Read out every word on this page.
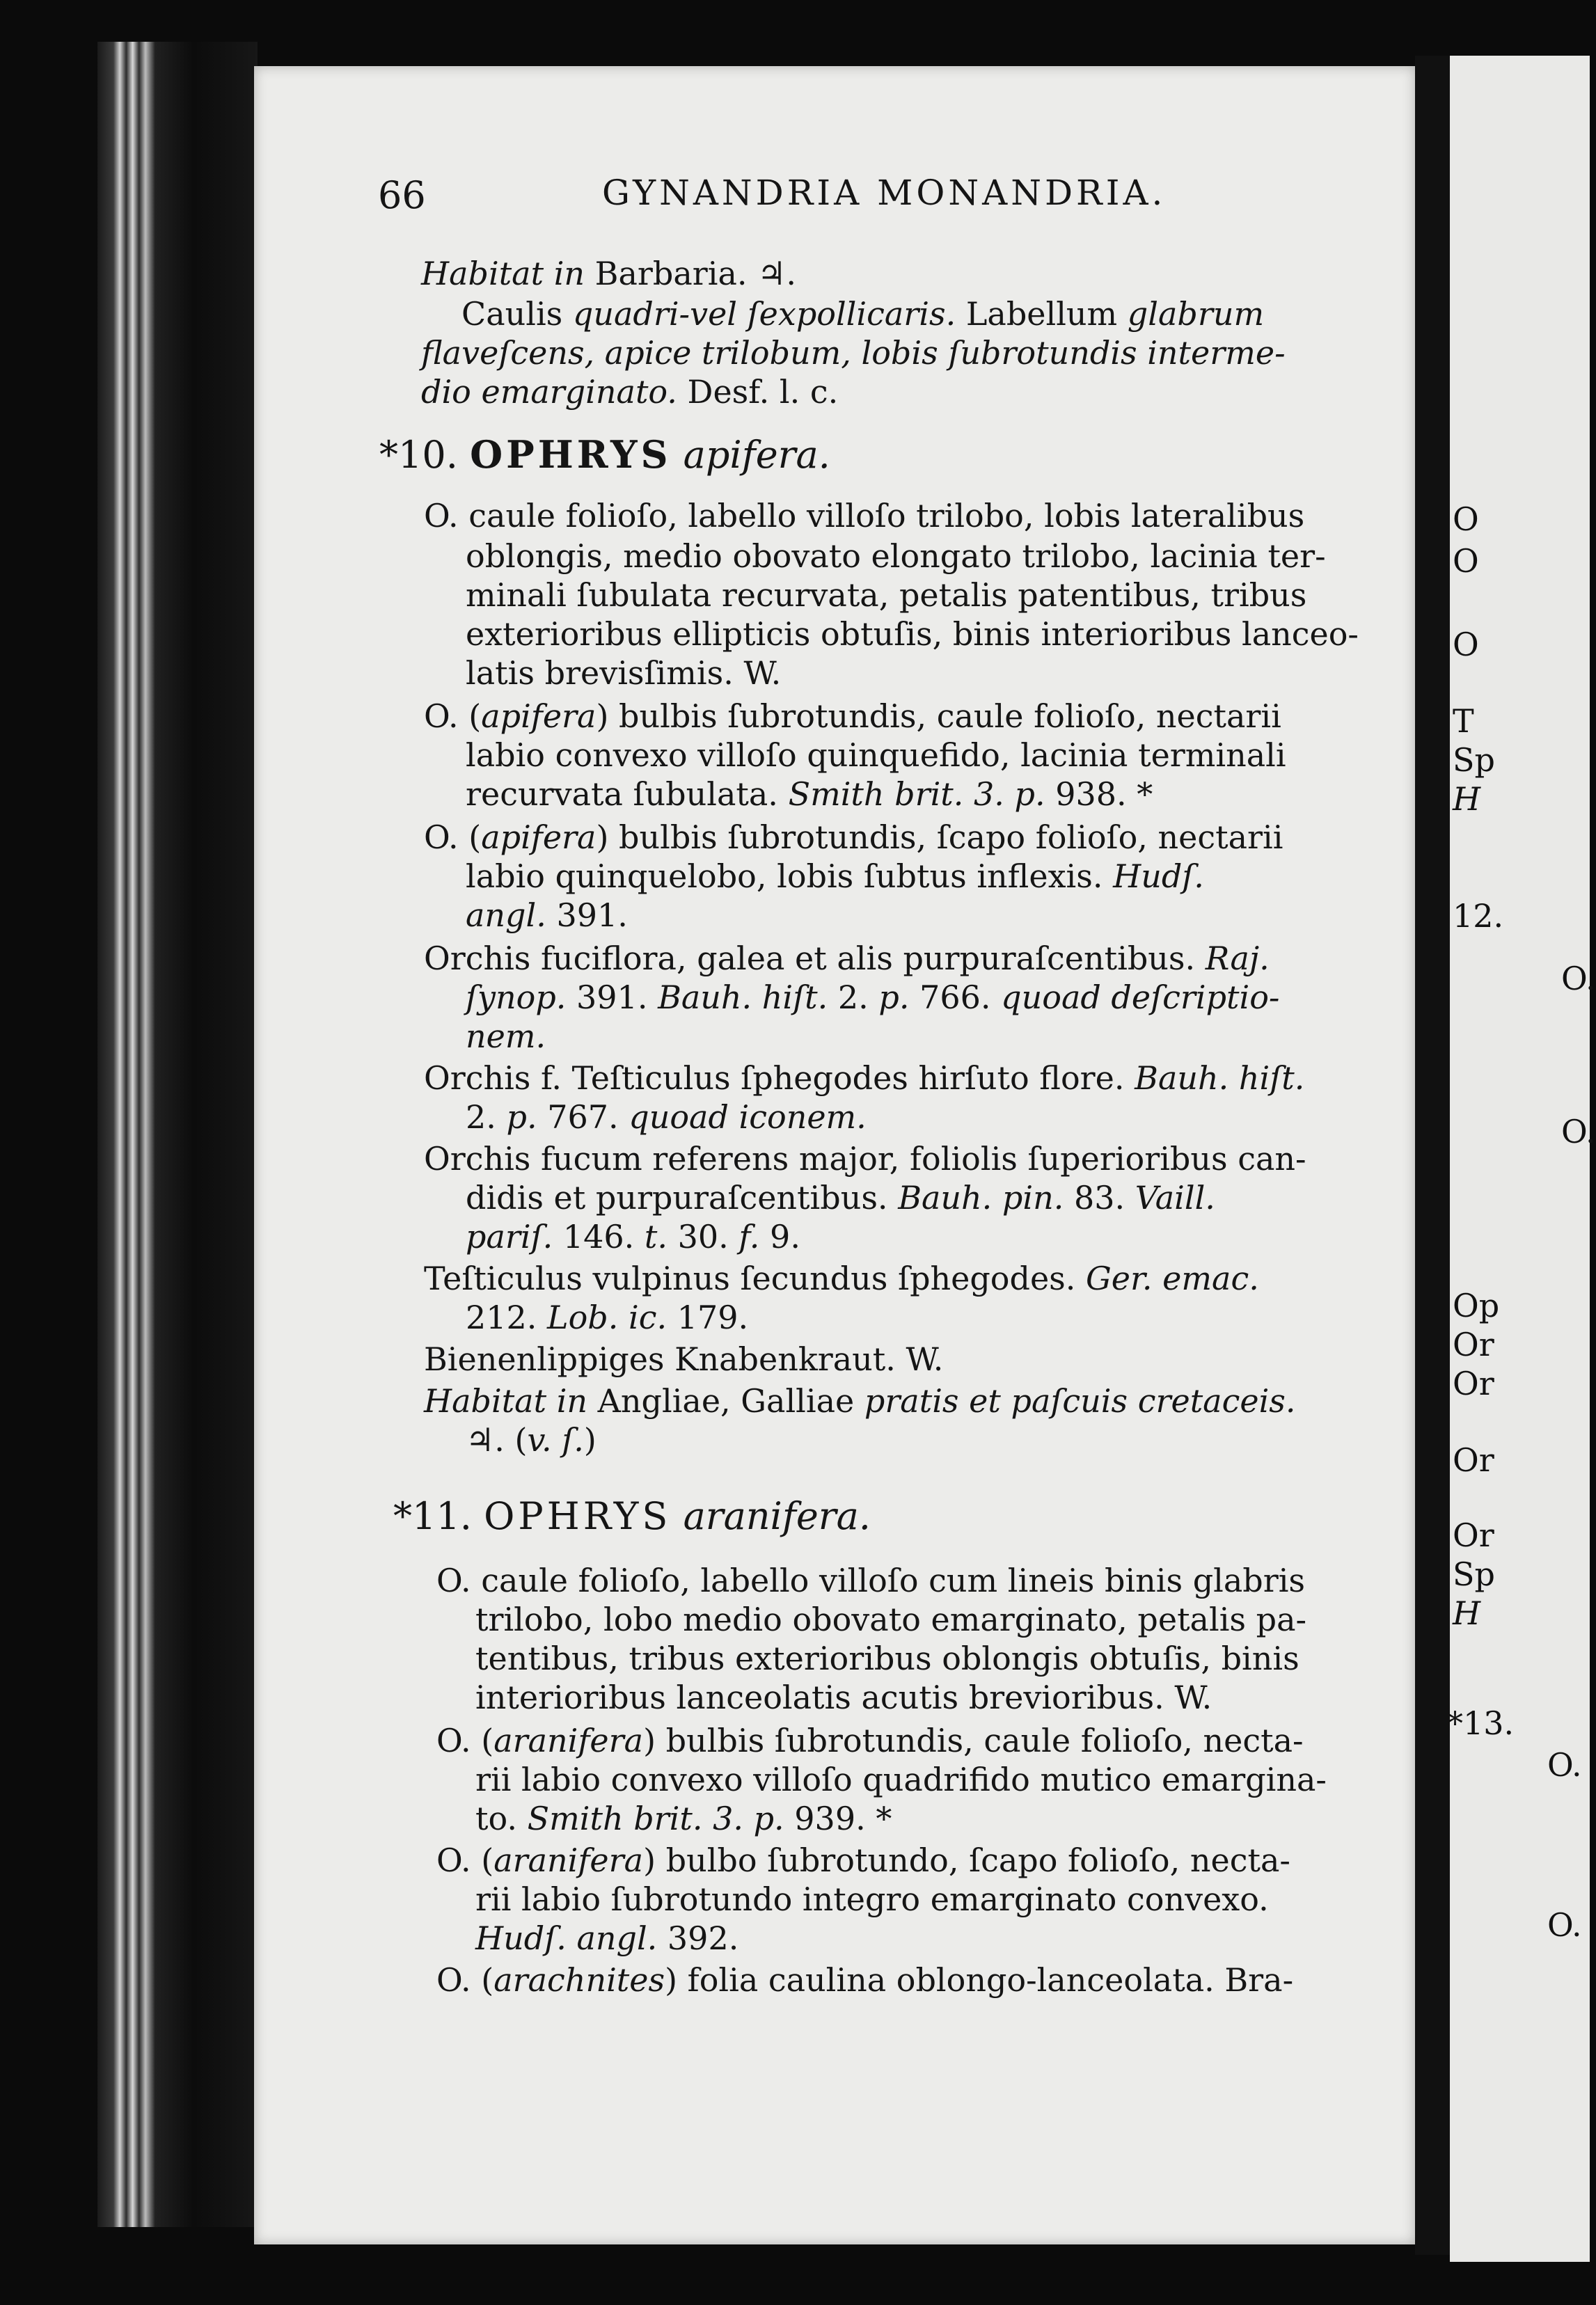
66	GYNANDRIA MONANDRIA.
Habitat in Barbaria. ♃.
Caulis quadri-vel ſexpollicaris. Labellum glabrum
flaveſcens, apice trilobum, lobis ſubrotundis interme-
dio emarginato. Desf. l. c.
*10. OPHRYS apifera.
O. caule folioſo, labello villoſo trilobo, lobis lateralibus
oblongis, medio obovato elongato trilobo, lacinia ter-
minali ſubulata recurvata, petalis patentibus, tribus
exterioribus ellipticis obtuſis, binis interioribus lanceo-
latis brevisſimis. W.
O. (apifera) bulbis ſubrotundis, caule folioſo, nectarii
labio convexo villoſo quinquefido, lacinia terminali
recurvata ſubulata. Smith brit. 3. p. 938. *
O. (apifera) bulbis ſubrotundis, ſcapo folioſo, nectarii
labio quinquelobo, lobis ſubtus inflexis. Hudſ.
angl. 391.
Orchis fuciflora, galea et alis purpuraſcentibus. Raj.
ſynop. 391. Bauh. hiſt. 2. p. 766. quoad deſcriptio-
nem.
Orchis f. Teſticulus ſphegodes hirſuto flore. Bauh. hiſt.
2. p. 767. quoad iconem.
Orchis fucum referens major, foliolis ſuperioribus can-
didis et purpuraſcentibus. Bauh. pin. 83. Vaill.
pariſ. 146. t. 30. f. 9.
Teſticulus vulpinus ſecundus ſphegodes. Ger. emac.
212. Lob. ic. 179.
Bienenlippiges Knabenkraut. W.
Habitat in Angliae, Galliae pratis et paſcuis cretaceis.
♃. (v. ſ.)
*11. OPHRYS aranifera.
O. caule folioſo, labello villoſo cum lineis binis glabris
trilobo, lobo medio obovato emarginato, petalis pa-
tentibus, tribus exterioribus oblongis obtuſis, binis
interioribus lanceolatis acutis brevioribus. W.
O. (aranifera) bulbis ſubrotundis, caule folioſo, necta-
rii labio convexo villoſo quadrifido mutico emargina-
to. Smith brit. 3. p. 939. *
O. (aranifera) bulbo ſubrotundo, ſcapo folioſo, necta-
rii labio ſubrotundo integro emarginato convexo.
Hudſ. angl. 392.
O. (arachnites) folia caulina oblongo-lanceolata. Bra-
O
O
O
T
Sp
H
12.
O.
O.
Op
Or
Or
Or
Or
Sp
H
*13.
O.
O.
